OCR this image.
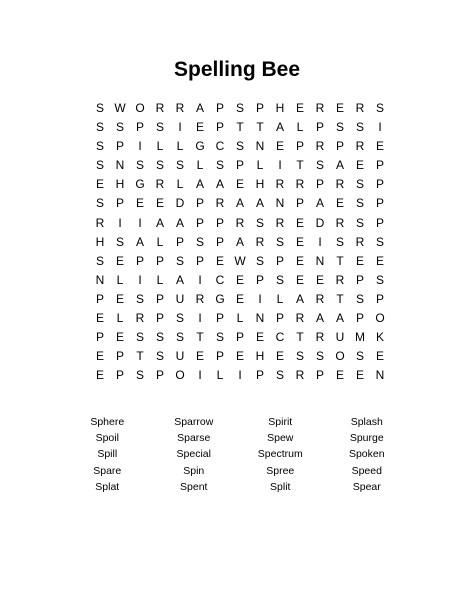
Spelling Bee
S W O R R A P S P H E R E R S
S S P S	I	E P	T	T	A	L	P S S	I
S P	I	L	L G C S N E P R P R E
S N S S S	L	S P	L	I	T	S A E P
E H G R	L	A A E H R R P R S P
S P E E D P R A A N P A E S P
R	I	I	A A P P R S R E D R S P
H S A	L	P S P A R S E	I	S R S
S E P P S P E W S P E N	T	E E
N	L	I	L	A	I	C E P S E E R P S
P E S P U R G E	I	L	A R	T	S P
E	L	R P S	I	P	L	N P R A A P O
P E S S S	T	S P E C	T R U M K
E P	T	S U E P E H E S S O S E
E P S P O	I	L	I	P S R P E E N
Sphere	Sparrow	Spirit	Splash
Spoil	Sparse	Spew	Spurge
Spill	Special	Spectrum	Spoken
Spare	Spin	Spree	Speed
Splat	Spent	Split	Spear
